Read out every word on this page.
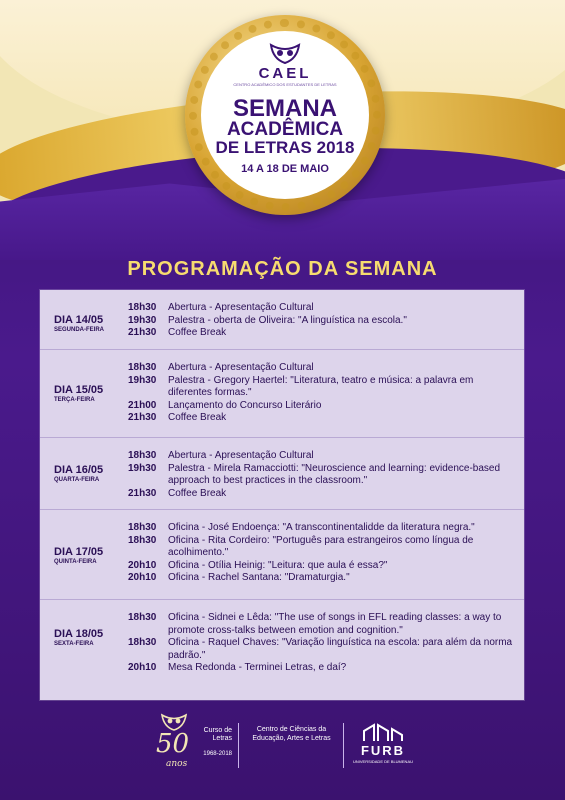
CAEL
CENTRO ACADÊMICO DOS ESTUDANTES DE LETRAS
SEMANA
ACADÊMICA
DE LETRAS 2018
14 A 18 DE MAIO
PROGRAMAÇÃO DA SEMANA
DIA 14/05
SEGUNDA-FEIRA
18h30	Abertura - Apresentação Cultural
19h30	Palestra - oberta de Oliveira: "A linguística na escola."
21h30	Coffee Break
DIA 15/05
TERÇA-FEIRA
18h30	Abertura - Apresentação Cultural
19h30	Palestra - Gregory Haertel: "Literatura, teatro e música: a palavra em diferentes formas."
21h00	Lançamento do Concurso Literário
21h30	Coffee Break
DIA 16/05
QUARTA-FEIRA
18h30	Abertura - Apresentação Cultural
19h30	Palestra - Mirela Ramacciotti: "Neuroscience and learning: evidence-based approach to best practices in the classroom."
21h30	Coffee Break
DIA 17/05
QUINTA-FEIRA
18h30	Oficina - José Endoença: "A transcontinentalidde da literatura negra."
18h30	Oficina - Rita Cordeiro: "Português para estrangeiros como língua de acolhimento."
20h10	Oficina - Otília Heinig: "Leitura: que aula é essa?"
20h10	Oficina - Rachel Santana: "Dramaturgia."
DIA 18/05
SEXTA-FEIRA
18h30	Oficina - Sidnei e Lêda: "The use of songs in EFL reading classes: a way to promote cross-talks between emotion and cognition."
18h30	Oficina - Raquel Chaves: "Variação linguística na escola: para além da norma padrão."
20h10	Mesa Redonda - Terminei Letras, e daí?
50
anos
Curso de Letras
1968-2018
Centro de Ciências da Educação, Artes e Letras
FURB
UNIVERSIDADE DE BLUMENAU
